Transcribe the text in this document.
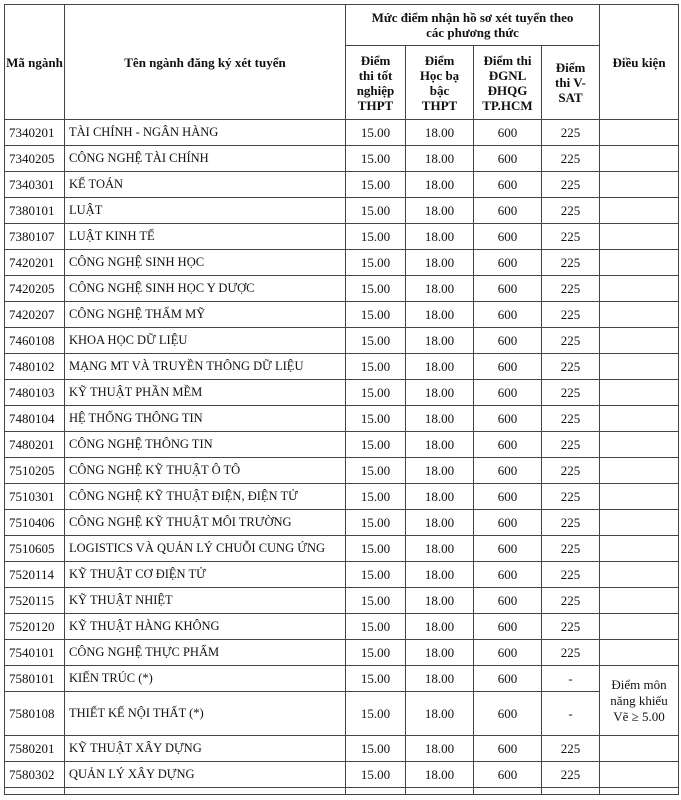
Mã ngành	Tên ngành đăng ký xét tuyển	Mức điểm nhận hồ sơ xét tuyển theo các phương thức				Điều kiện
		Điểm thi tốt nghiệp THPT	Điểm Học bạ bậc THPT	Điểm thi ĐGNL ĐHQG TP.HCM	Điểm thi V-SAT	
7340201	TÀI CHÍNH - NGÂN HÀNG	15.00	18.00	600	225	
7340205	CÔNG NGHỆ TÀI CHÍNH	15.00	18.00	600	225	
7340301	KẾ TOÁN	15.00	18.00	600	225	
7380101	LUẬT	15.00	18.00	600	225	
7380107	LUẬT KINH TẾ	15.00	18.00	600	225	
7420201	CÔNG NGHỆ SINH HỌC	15.00	18.00	600	225	
7420205	CÔNG NGHỆ SINH HỌC Y DƯỢC	15.00	18.00	600	225	
7420207	CÔNG NGHỆ THẨM MỸ	15.00	18.00	600	225	
7460108	KHOA HỌC DỮ LIỆU	15.00	18.00	600	225	
7480102	MẠNG MT VÀ TRUYỀN THÔNG DỮ LIỆU	15.00	18.00	600	225	
7480103	KỸ THUẬT PHẦN MỀM	15.00	18.00	600	225	
7480104	HỆ THỐNG THÔNG TIN	15.00	18.00	600	225	
7480201	CÔNG NGHỆ THÔNG TIN	15.00	18.00	600	225	
7510205	CÔNG NGHỆ KỸ THUẬT Ô TÔ	15.00	18.00	600	225	
7510301	CÔNG NGHỆ KỸ THUẬT ĐIỆN, ĐIỆN TỬ	15.00	18.00	600	225	
7510406	CÔNG NGHỆ KỸ THUẬT MÔI TRƯỜNG	15.00	18.00	600	225	
7510605	LOGISTICS VÀ QUẢN LÝ CHUỖI CUNG ỨNG	15.00	18.00	600	225	
7520114	KỸ THUẬT CƠ ĐIỆN TỬ	15.00	18.00	600	225	
7520115	KỸ THUẬT NHIỆT	15.00	18.00	600	225	
7520120	KỸ THUẬT HÀNG KHÔNG	15.00	18.00	600	225	
7540101	CÔNG NGHỆ THỰC PHẨM	15.00	18.00	600	225	
7580101	KIẾN TRÚC (*)	15.00	18.00	600	-	Điểm môn năng khiếu Vẽ ≥ 5.00
7580108	THIẾT KẾ NỘI THẤT (*)	15.00	18.00	600	-	
7580201	KỸ THUẬT XÂY DỰNG	15.00	18.00	600	225	
7580302	QUẢN LÝ XÂY DỰNG	15.00	18.00	600	225	
